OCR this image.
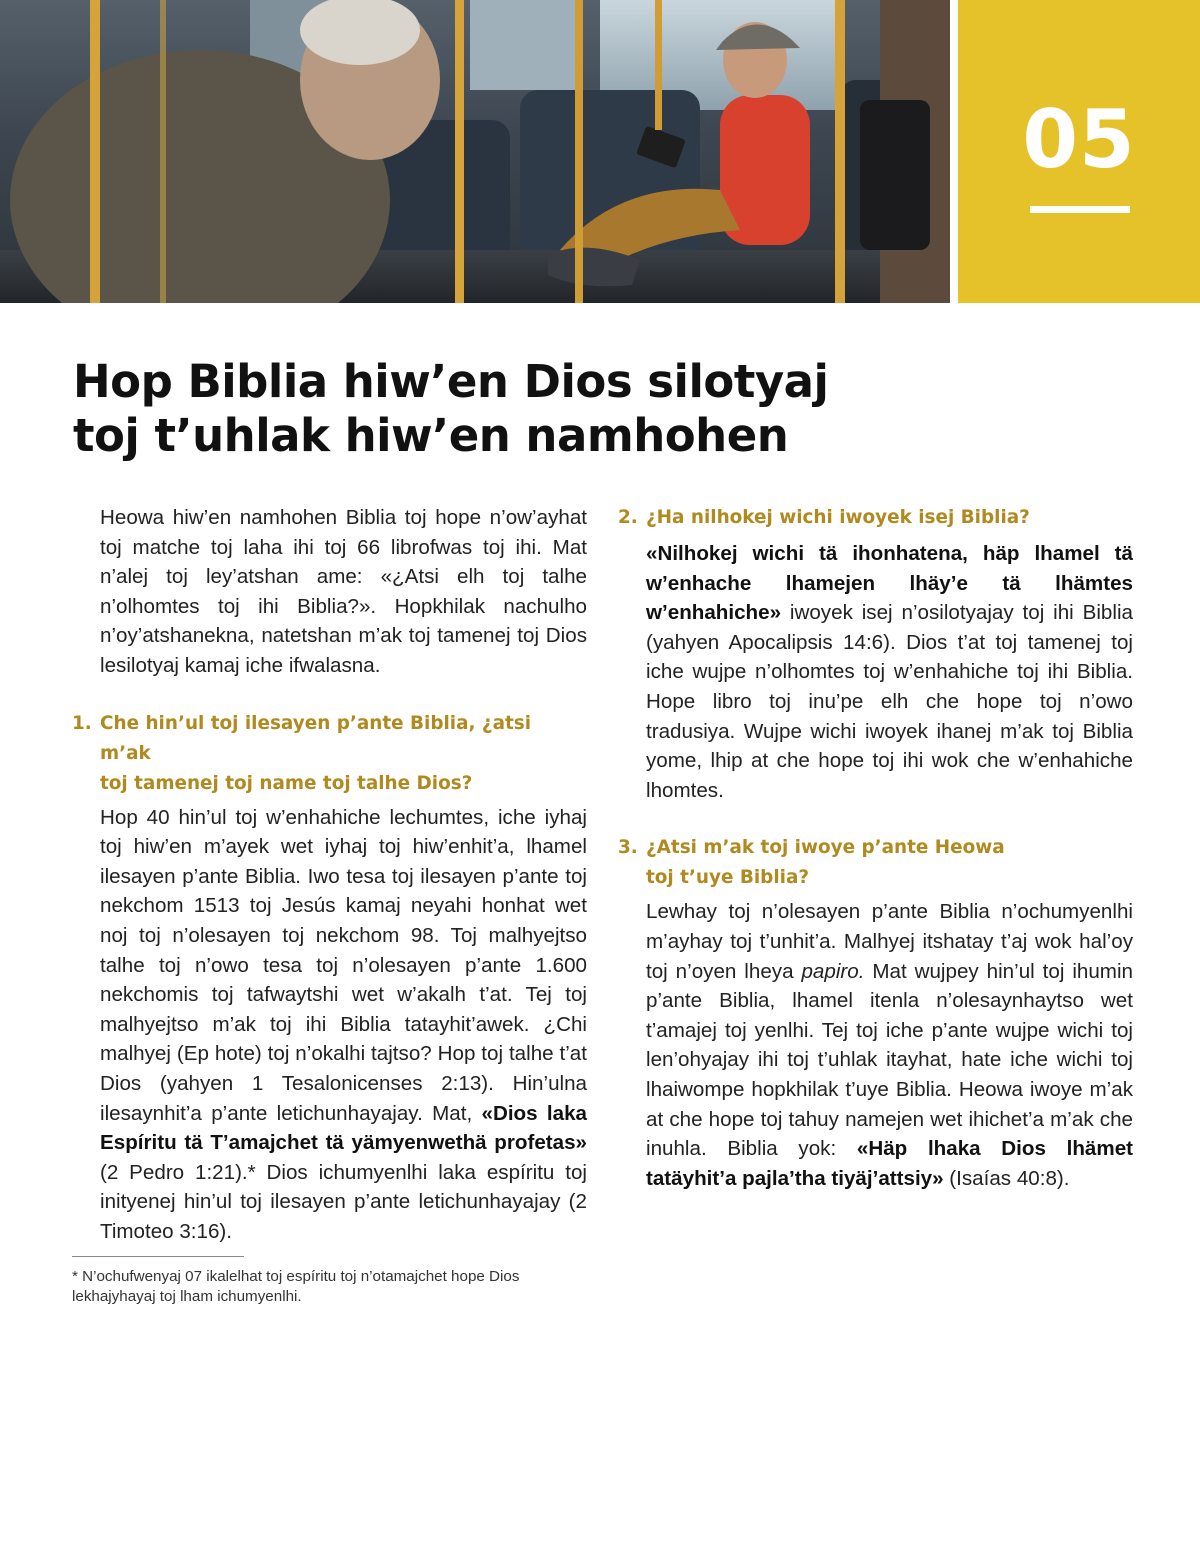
05
Hop Biblia hiw’en Dios silotyaj
toj t’uhlak hiw’en namhohen

Heowa hiw’en namhohen Biblia toj hope n’ow’ayhat toj matche toj laha ihi toj 66 librofwas toj ihi. Mat n’alej toj ley’atshan ame: «¿Atsi elh toj talhe n’olhomtes toj ihi Biblia?». Hopkhilak nachulho n’oy’atshanekna, natetshan m’ak toj tamenej toj Dios lesilotyaj kamaj iche ifwalasna.

1. Che hin’ul toj ilesayen p’ante Biblia, ¿atsi m’ak
toj tamenej toj name toj talhe Dios?

Hop 40 hin’ul toj w’enhahiche lechumtes, iche iyhaj toj hiw’en m’ayek wet iyhaj toj hiw’enhit’a, lhamel ilesayen p’ante Biblia. Iwo tesa toj ilesayen p’ante toj nekchom 1513 toj Jesús kamaj neyahi honhat wet noj toj n’olesayen toj nekchom 98. Toj malhyejtso talhe toj n’owo tesa toj n’olesayen p’ante 1.600 nekchomis toj tafwaytshi wet w’akalh t’at. Tej toj malhyejtso m’ak toj ihi Biblia tatayhit’awek. ¿Chi malhyej (Ep hote) toj n’okalhi tajtso? Hop toj talhe t’at Dios (yahyen 1 Tesalonicenses 2:13). Hin’ulna ilesaynhit’a p’ante letichunhayajay. Mat, «Dios laka Espíritu tä T’amajchet tä yämyenwethä profetas» (2 Pedro 1:21).* Dios ichumyenlhi laka espíritu toj inityenej hin’ul toj ilesayen p’ante letichunhayajay (2 Timoteo 3:16).

* N’ochufwenyaj 07 ikalelhat toj espíritu toj n’otamajchet hope Dios lekhajyhayaj toj lham ichumyenlhi.

2. ¿Ha nilhokej wichi iwoyek isej Biblia?

«Nilhokej wichi tä ihonhatena, häp lhamel tä w’enhache lhamejen lhäy’e tä lhämtes w’enhahiche» iwoyek isej n’osilotyajay toj ihi Biblia (yahyen Apocalipsis 14:6). Dios t’at toj tamenej toj iche wujpe n’olhomtes toj w’enhahiche toj ihi Biblia. Hope libro toj inu’pe elh che hope toj n’owo tradusiya. Wujpe wichi iwoyek ihanej m’ak toj Biblia yome, lhip at che hope toj ihi wok che w’enhahiche lhomtes.

3. ¿Atsi m’ak toj iwoye p’ante Heowa
toj t’uye Biblia?

Lewhay toj n’olesayen p’ante Biblia n’ochumyenlhi m’ayhay toj t’unhit’a. Malhyej itshatay t’aj wok hal’oy toj n’oyen lheya papiro. Mat wujpey hin’ul toj ihumin p’ante Biblia, lhamel itenla n’olesaynhaytso wet t’amajej toj yenlhi. Tej toj iche p’ante wujpe wichi toj len’ohyajay ihi toj t’uhlak itayhat, hate iche wichi toj lhaiwompe hopkhilak t’uye Biblia. Heowa iwoye m’ak at che hope toj tahuy namejen wet ihichet’a m’ak che inuhla. Biblia yok: «Häp lhaka Dios lhämet tatäyhit’a pajla’tha tiyäj’attsiy» (Isaías 40:8).
